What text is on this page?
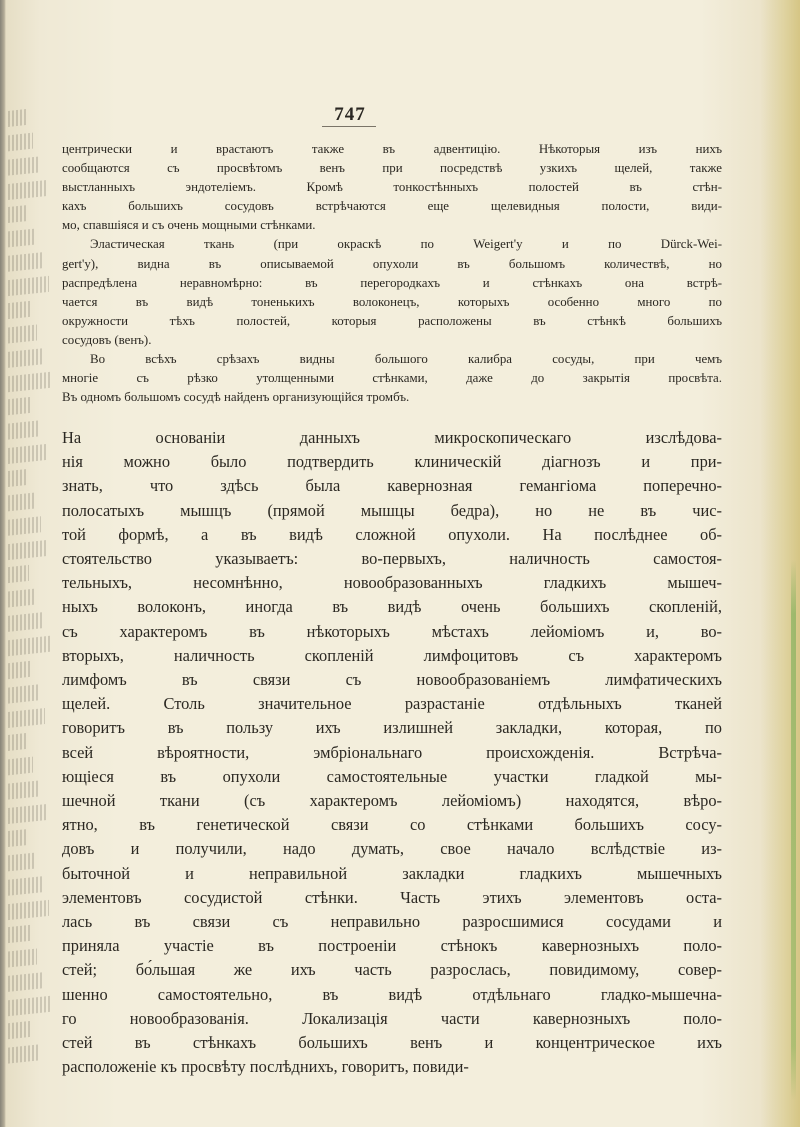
747

центрически и врастаютъ также въ адвентицію. Нѣкоторыя изъ нихъ
сообщаются съ просвѣтомъ венъ при посредствѣ узкихъ щелей, также
выстланныхъ эндотеліемъ. Кромѣ тонкостѣнныхъ полостей въ стѣн-
кахъ большихъ сосудовъ встрѣчаются еще щелевидныя полости, види-
мо, спавшіяся и съ очень мощными стѣнками.

Эластическая ткань (при окраскѣ по Weigert'у и по Dürck-Wei-
gert'у), видна въ описываемой опухоли въ большомъ количествѣ, но
распредѣлена неравномѣрно: въ перегородкахъ и стѣнкахъ она встрѣ-
чается въ видѣ тоненькихъ волоконецъ, которыхъ особенно много по
окружности тѣхъ полостей, которыя расположены въ стѣнкѣ большихъ
сосудовъ (венъ).

Во всѣхъ срѣзахъ видны большого калибра сосуды, при чемъ
многіе съ рѣзко утолщенными стѣнками, даже до закрытія просвѣта.
Въ одномъ большомъ сосудѣ найденъ организующійся тромбъ.

На основаніи данныхъ микроскопическаго изслѣдова-
нія можно было подтвердить клиническій діагнозъ и при-
знать, что здѣсь была кавернозная гемангіома поперечно-
полосатыхъ мышцъ (прямой мышцы бедра), но не въ чис-
той формѣ, а въ видѣ сложной опухоли. На послѣднее об-
стоятельство указываетъ: во-первыхъ, наличность самостоя-
тельныхъ, несомнѣнно, новообразованныхъ гладкихъ мышеч-
ныхъ волоконъ, иногда въ видѣ очень большихъ скопленій,
съ характеромъ въ нѣкоторыхъ мѣстахъ лейоміомъ и, во-
вторыхъ, наличность скопленій лимфоцитовъ съ характеромъ
лимфомъ въ связи съ новообразованіемъ лимфатическихъ
щелей. Столь значительное разрастаніе отдѣльныхъ тканей
говоритъ въ пользу ихъ излишней закладки, которая, по
всей вѣроятности, эмбріональнаго происхожденія. Встрѣча-
ющіеся въ опухоли самостоятельные участки гладкой мы-
шечной ткани (съ характеромъ лейоміомъ) находятся, вѣро-
ятно, въ генетической связи со стѣнками большихъ сосу-
довъ и получили, надо думать, свое начало вслѣдствіе из-
быточной и неправильной закладки гладкихъ мышечныхъ
элементовъ сосудистой стѣнки. Часть этихъ элементовъ оста-
лась въ связи съ неправильно разросшимися сосудами и
приняла участіе въ построеніи стѣнокъ кавернозныхъ поло-
стей; бо́льшая же ихъ часть разрослась, повидимому, совер-
шенно самостоятельно, въ видѣ отдѣльнаго гладко-мышечна-
го новообразованія. Локализація части кавернозныхъ поло-
стей въ стѣнкахъ большихъ венъ и концентрическое ихъ
расположеніе къ просвѣту послѣднихъ, говоритъ, повиди-
